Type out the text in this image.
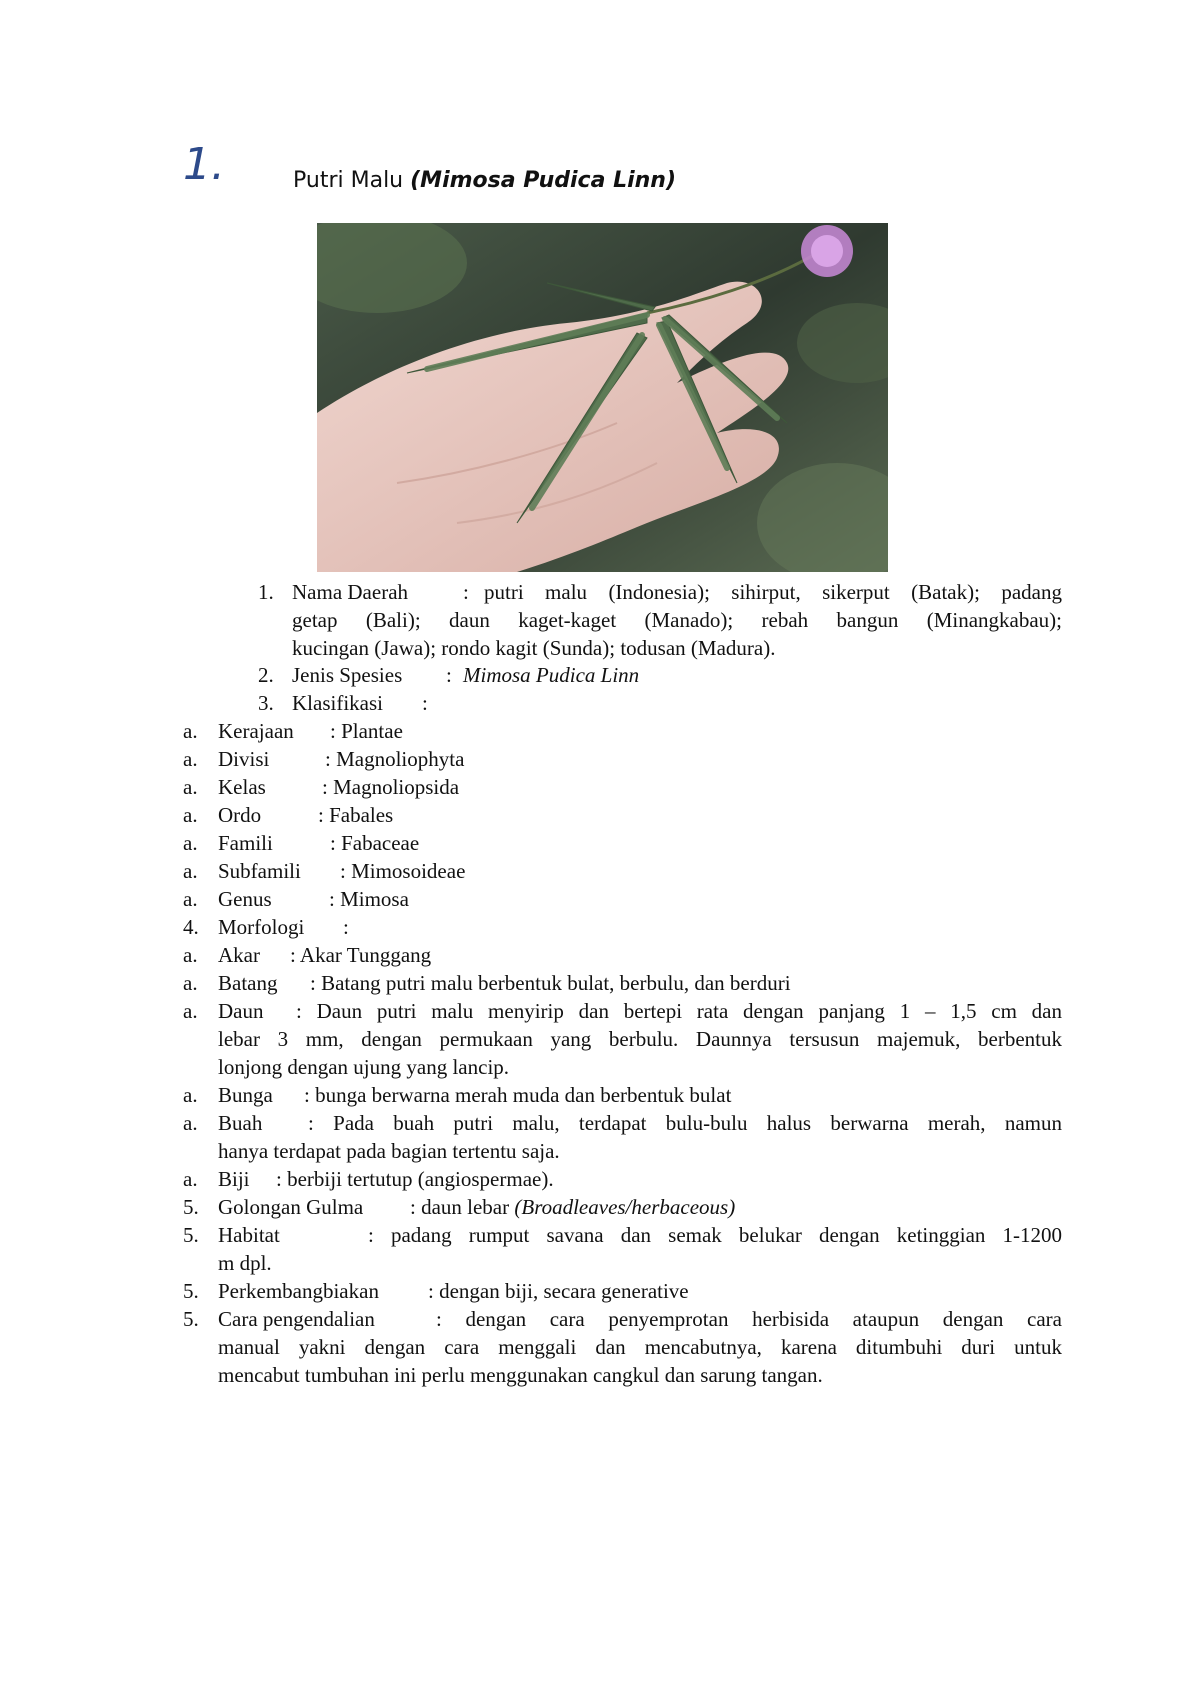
1.	Putri Malu (Mimosa Pudica Linn)
1. Nama Daerah	: putri malu (Indonesia); sihirput, sikerput (Batak); padang
getap (Bali); daun kaget-kaget (Manado); rebah bangun (Minangkabau);
kucingan (Jawa); rondo kagit (Sunda); todusan (Madura).
2. Jenis Spesies : Mimosa Pudica Linn
3. Klasifikasi :
a. Kerajaan : Plantae
a. Divisi	: Magnoliophyta
a. Kelas	: Magnoliopsida
a. Ordo	: Fabales
a. Famili	: Fabaceae
a. Subfamili : Mimosoideae
a. Genus	: Mimosa
4. Morfologi :
a. Akar : Akar Tunggang
a. Batang : Batang putri malu berbentuk bulat, berbulu, dan berduri
a. Daun	: Daun putri malu menyirip dan bertepi rata dengan panjang 1 – 1,5 cm dan
lebar 3 mm, dengan permukaan yang berbulu. Daunnya tersusun majemuk, berbentuk
lonjong dengan ujung yang lancip.
a. Bunga : bunga berwarna merah muda dan berbentuk bulat
a. Buah	: Pada buah putri malu, terdapat bulu-bulu halus berwarna merah, namun
hanya terdapat pada bagian tertentu saja.
a. Biji : berbiji tertutup (angiospermae).
5. Golongan Gulma : daun lebar (Broadleaves/herbaceous)
5. Habitat	: padang rumput savana dan semak belukar dengan ketinggian 1-1200
m dpl.
5. Perkembangbiakan : dengan biji, secara generative
5. Cara pengendalian	: dengan cara penyemprotan herbisida ataupun dengan cara
manual yakni dengan cara menggali dan mencabutnya, karena ditumbuhi duri untuk
mencabut tumbuhan ini perlu menggunakan cangkul dan sarung tangan.
